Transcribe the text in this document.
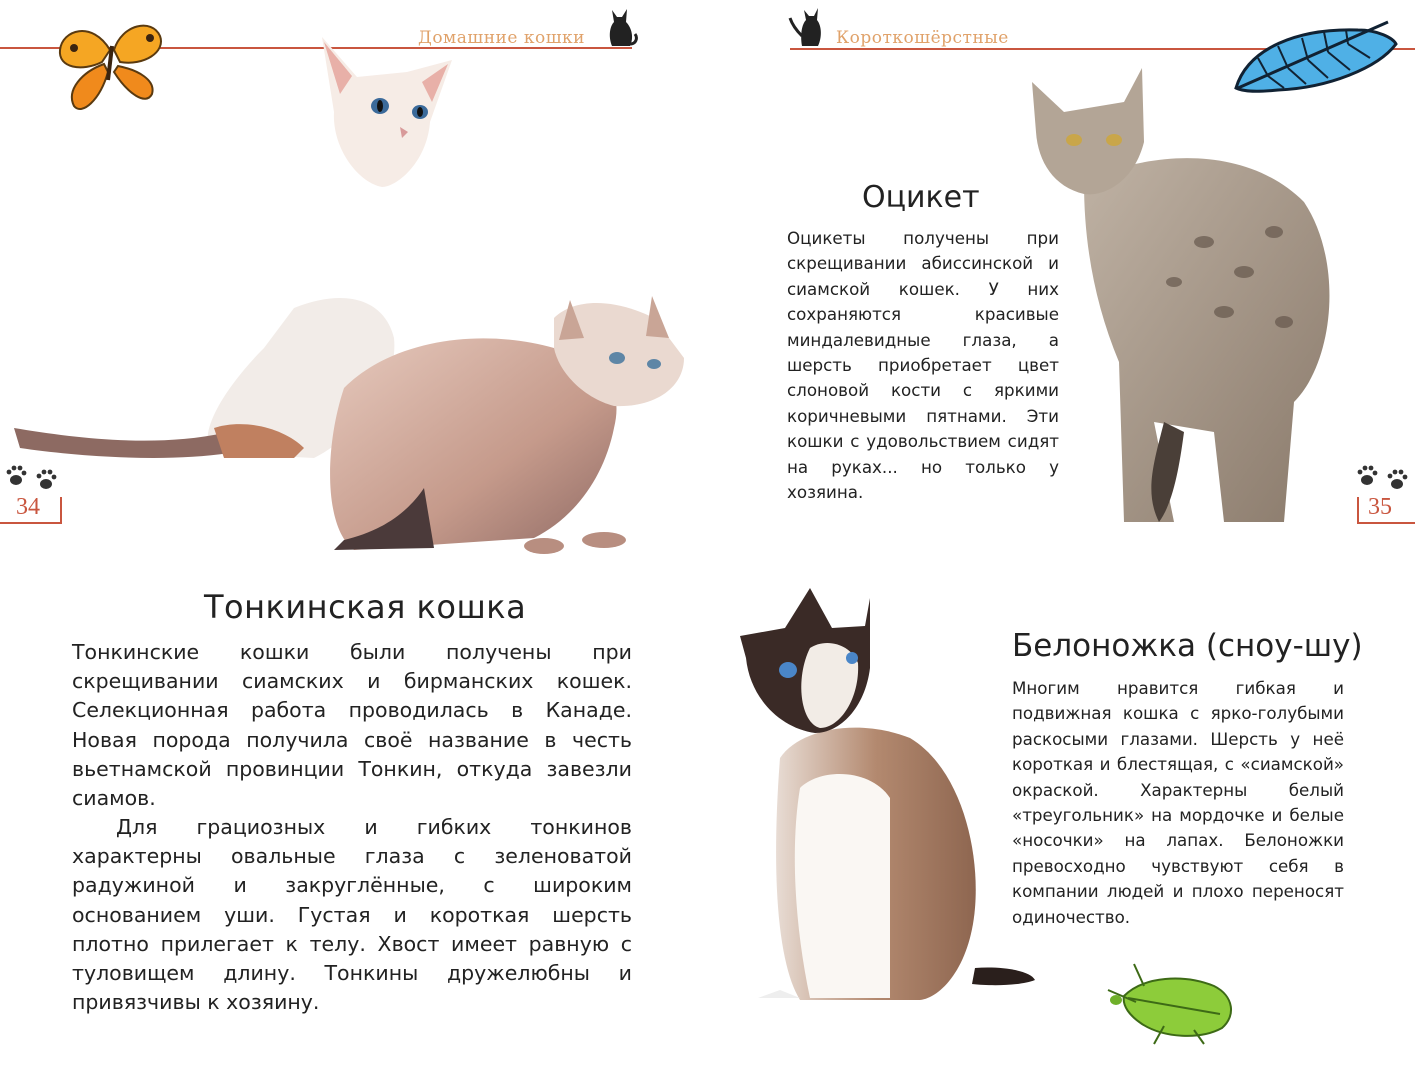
Домашние кошки
34
Тонкинская кошка
Тонкинские кошки были получены при скрещивании сиамских и бирманских кошек. Селекционная работа проводилась в Канаде. Новая порода получила своё название в честь вьетнамской провинции Тонкин, откуда завезли сиамов.
Для грациозных и гибких тонкинов характерны овальные глаза с зеленоватой радужиной и закруглённые, с широким основанием уши. Густая и короткая шерсть плотно прилегает к телу. Хвост имеет равную с туловищем длину. Тонкины дружелюбны и привязчивы к хозяину.
Короткошёрстные
Оцикет
Оцикеты получены при скрещивании абиссинской и сиамской кошек. У них сохраняются красивые миндалевидные глаза, а шерсть приобретает цвет слоновой кости с яркими коричневыми пятнами. Эти кошки с удовольствием сидят на руках... но только у хозяина.
35
Белоножка (сноу-шу)
Многим нравится гибкая и подвижная кошка с ярко-голубыми раскосыми глазами. Шерсть у неё короткая и блестящая, с «сиамской» окраской. Характерны белый «треугольник» на мордочке и белые «носочки» на лапах. Белоножки превосходно чувствуют себя в компании людей и плохо переносят одиночество.
